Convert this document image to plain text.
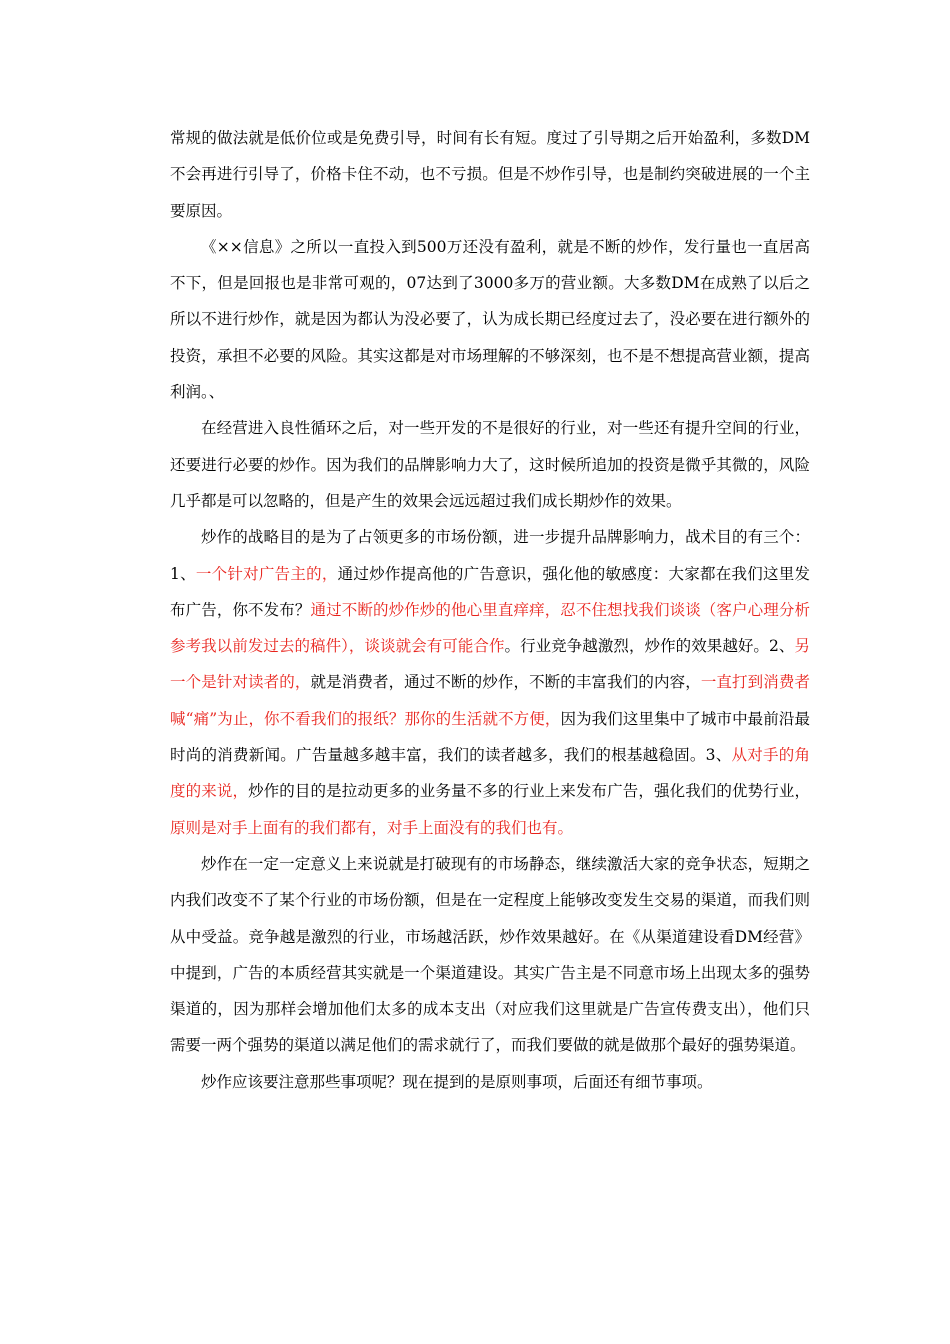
常规的做法就是低价位或是免费引导，时间有长有短。度过了引导期之后开始盈利，多数DM不会再进行引导了，价格卡住不动，也不亏损。但是不炒作引导，也是制约突破进展的一个主要原因。

《××信息》之所以一直投入到500万还没有盈利，就是不断的炒作，发行量也一直居高不下，但是回报也是非常可观的，07达到了3000多万的营业额。大多数DM在成熟了以后之所以不进行炒作，就是因为都认为没必要了，认为成长期已经度过去了，没必要在进行额外的投资，承担不必要的风险。其实这都是对市场理解的不够深刻，也不是不想提高营业额，提高利润。、

在经营进入良性循环之后，对一些开发的不是很好的行业，对一些还有提升空间的行业，还要进行必要的炒作。因为我们的品牌影响力大了，这时候所追加的投资是微乎其微的，风险几乎都是可以忽略的，但是产生的效果会远远超过我们成长期炒作的效果。

炒作的战略目的是为了占领更多的市场份额，进一步提升品牌影响力，战术目的有三个：1、一个针对广告主的，通过炒作提高他的广告意识，强化他的敏感度：大家都在我们这里发布广告，你不发布？通过不断的炒作炒的他心里直痒痒，忍不住想找我们谈谈（客户心理分析参考我以前发过去的稿件），谈谈就会有可能合作。行业竞争越激烈，炒作的效果越好。2、另一个是针对读者的，就是消费者，通过不断的炒作，不断的丰富我们的内容，一直打到消费者喊“痛”为止，你不看我们的报纸？那你的生活就不方便，因为我们这里集中了城市中最前沿最时尚的消费新闻。广告量越多越丰富，我们的读者越多，我们的根基越稳固。3、从对手的角度的来说，炒作的目的是拉动更多的业务量不多的行业上来发布广告，强化我们的优势行业，原则是对手上面有的我们都有，对手上面没有的我们也有。

炒作在一定一定意义上来说就是打破现有的市场静态，继续激活大家的竞争状态，短期之内我们改变不了某个行业的市场份额，但是在一定程度上能够改变发生交易的渠道，而我们则从中受益。竞争越是激烈的行业，市场越活跃，炒作效果越好。在《从渠道建设看DM经营》中提到，广告的本质经营其实就是一个渠道建设。其实广告主是不同意市场上出现太多的强势渠道的，因为那样会增加他们太多的成本支出（对应我们这里就是广告宣传费支出），他们只需要一两个强势的渠道以满足他们的需求就行了，而我们要做的就是做那个最好的强势渠道。

炒作应该要注意那些事项呢？现在提到的是原则事项，后面还有细节事项。
